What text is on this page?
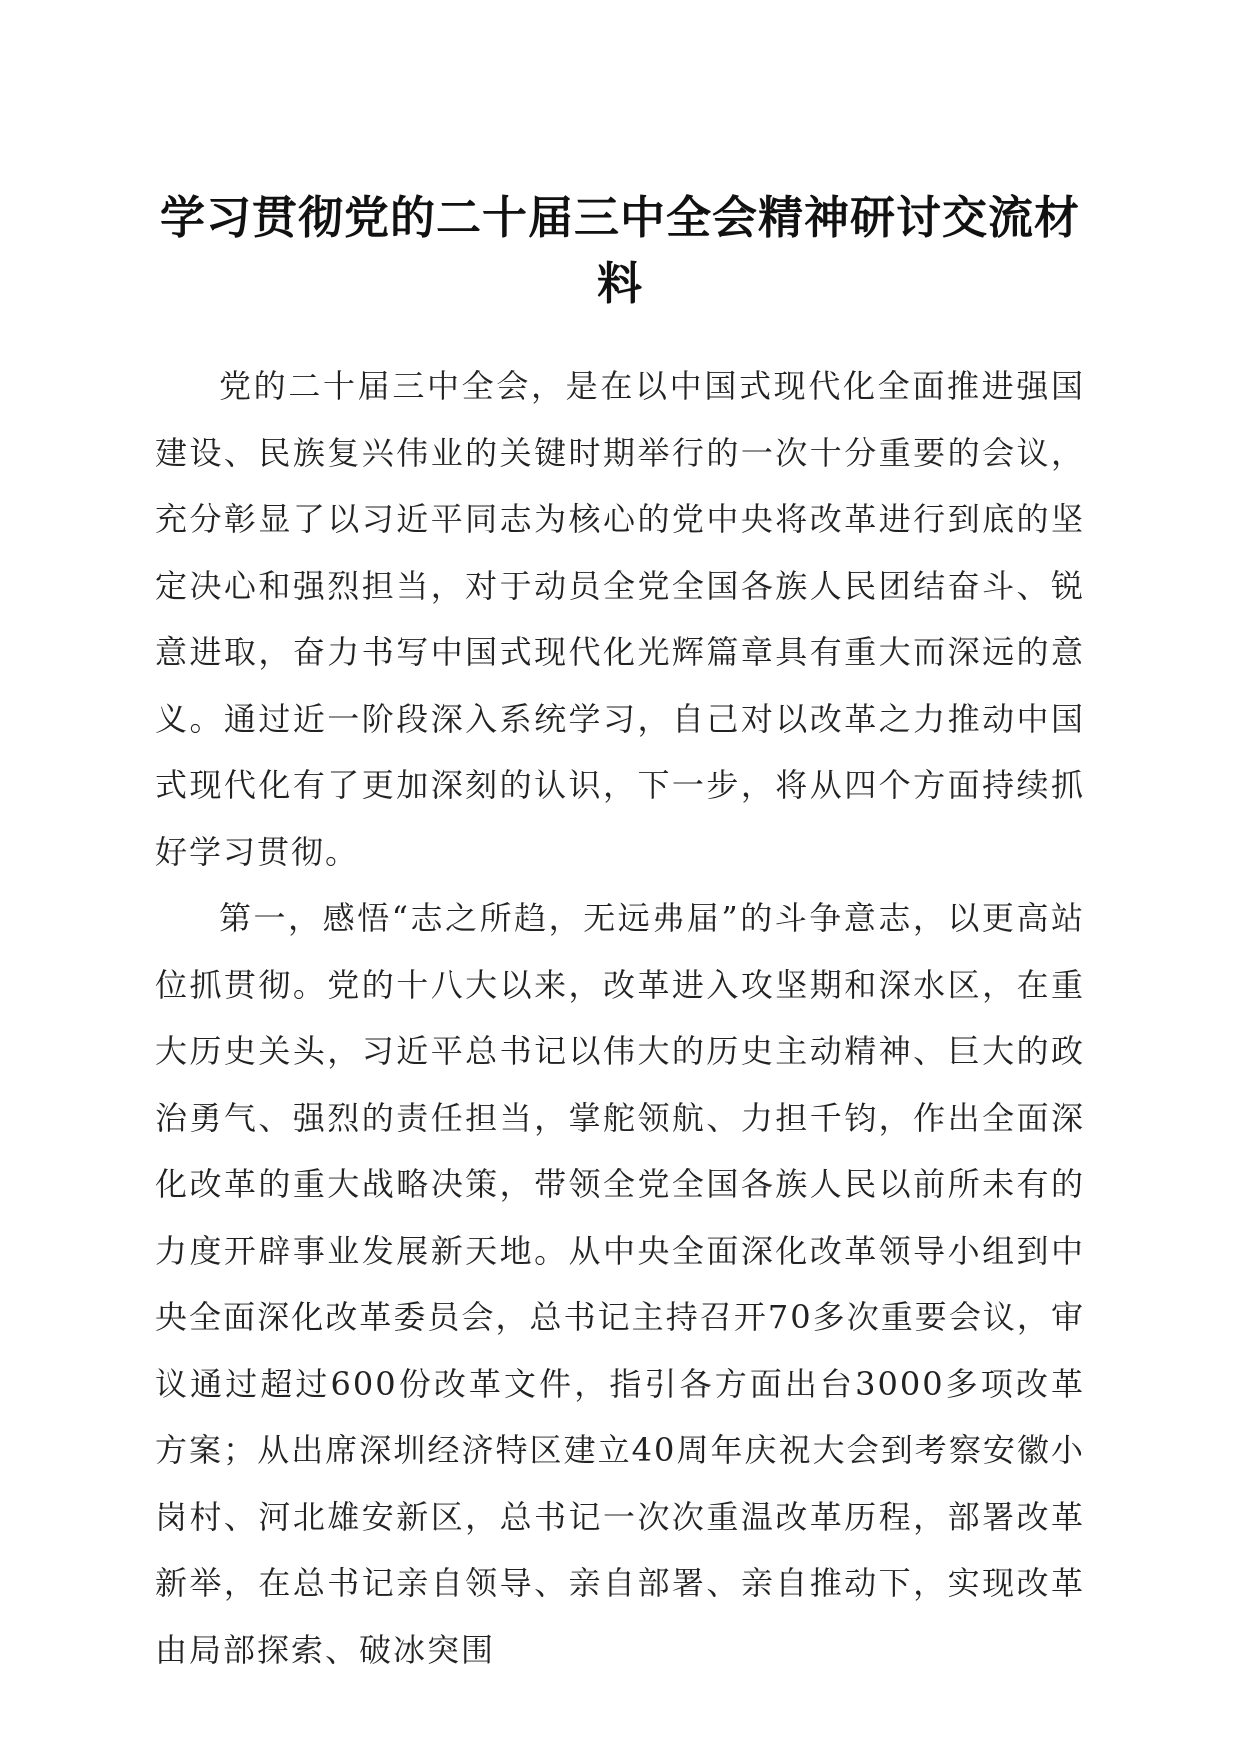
学习贯彻党的二十届三中全会精神研讨交流材料

党的二十届三中全会，是在以中国式现代化全面推进强国建设、民族复兴伟业的关键时期举行的一次十分重要的会议，充分彰显了以习近平同志为核心的党中央将改革进行到底的坚定决心和强烈担当，对于动员全党全国各族人民团结奋斗、锐意进取，奋力书写中国式现代化光辉篇章具有重大而深远的意义。通过近一阶段深入系统学习，自己对以改革之力推动中国式现代化有了更加深刻的认识，下一步，将从四个方面持续抓好学习贯彻。

第一，感悟“志之所趋，无远弗届”的斗争意志，以更高站位抓贯彻。党的十八大以来，改革进入攻坚期和深水区，在重大历史关头，习近平总书记以伟大的历史主动精神、巨大的政治勇气、强烈的责任担当，掌舵领航、力担千钧，作出全面深化改革的重大战略决策，带领全党全国各族人民以前所未有的力度开辟事业发展新天地。从中央全面深化改革领导小组到中央全面深化改革委员会，总书记主持召开70多次重要会议，审议通过超过600份改革文件，指引各方面出台3000多项改革方案；从出席深圳经济特区建立40周年庆祝大会到考察安徽小岗村、河北雄安新区，总书记一次次重温改革历程，部署改革新举，在总书记亲自领导、亲自部署、亲自推动下，实现改革由局部探索、破冰突围
